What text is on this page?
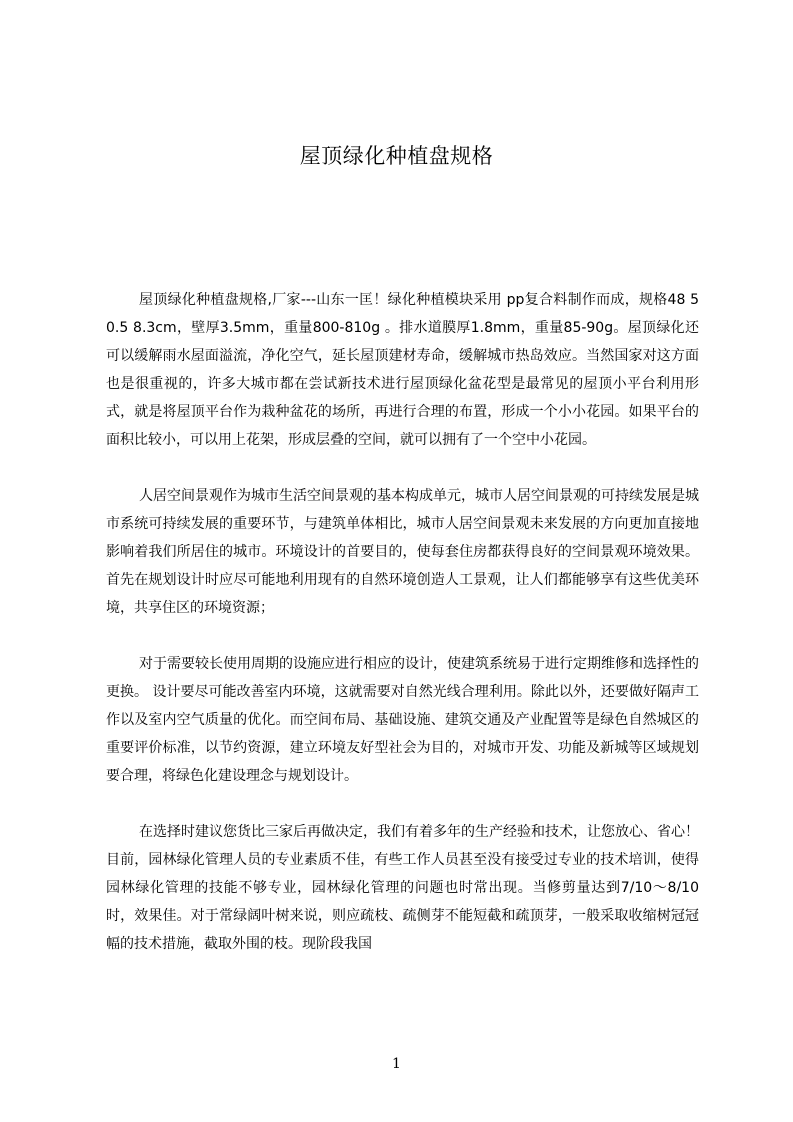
屋顶绿化种植盘规格

屋顶绿化种植盘规格,厂家---山东一匡！绿化种植模块采用 pp复合料制作而成，规格48 50.5 8.3cm，壁厚3.5mm，重量800-810g 。排水道膜厚1.8mm，重量85-90g。屋顶绿化还可以缓解雨水屋面溢流，净化空气，延长屋顶建材寿命，缓解城市热岛效应。当然国家对这方面也是很重视的，许多大城市都在尝试新技术进行屋顶绿化盆花型是最常见的屋顶小平台利用形式，就是将屋顶平台作为栽种盆花的场所，再进行合理的布置，形成一个小小花园。如果平台的面积比较小，可以用上花架，形成层叠的空间，就可以拥有了一个空中小花园。

人居空间景观作为城市生活空间景观的基本构成单元，城市人居空间景观的可持续发展是城市系统可持续发展的重要环节，与建筑单体相比，城市人居空间景观未来发展的方向更加直接地影响着我们所居住的城市。环境设计的首要目的，使每套住房都获得良好的空间景观环境效果。首先在规划设计时应尽可能地利用现有的自然环境创造人工景观，让人们都能够享有这些优美环境，共享住区的环境资源；

对于需要较长使用周期的设施应进行相应的设计，使建筑系统易于进行定期维修和选择性的更换。 设计要尽可能改善室内环境，这就需要对自然光线合理利用。除此以外，还要做好隔声工作以及室内空气质量的优化。而空间布局、基础设施、建筑交通及产业配置等是绿色自然城区的重要评价标准，以节约资源，建立环境友好型社会为目的，对城市开发、功能及新城等区域规划要合理，将绿色化建设理念与规划设计。

在选择时建议您货比三家后再做决定，我们有着多年的生产经验和技术，让您放心、省心！目前，园林绿化管理人员的专业素质不佳，有些工作人员甚至没有接受过专业的技术培训，使得园林绿化管理的技能不够专业，园林绿化管理的问题也时常出现。当修剪量达到7/10～8/10时，效果佳。对于常绿阔叶树来说，则应疏枝、疏侧芽不能短截和疏顶芽，一般采取收缩树冠冠幅的技术措施，截取外围的枝。现阶段我国

1
